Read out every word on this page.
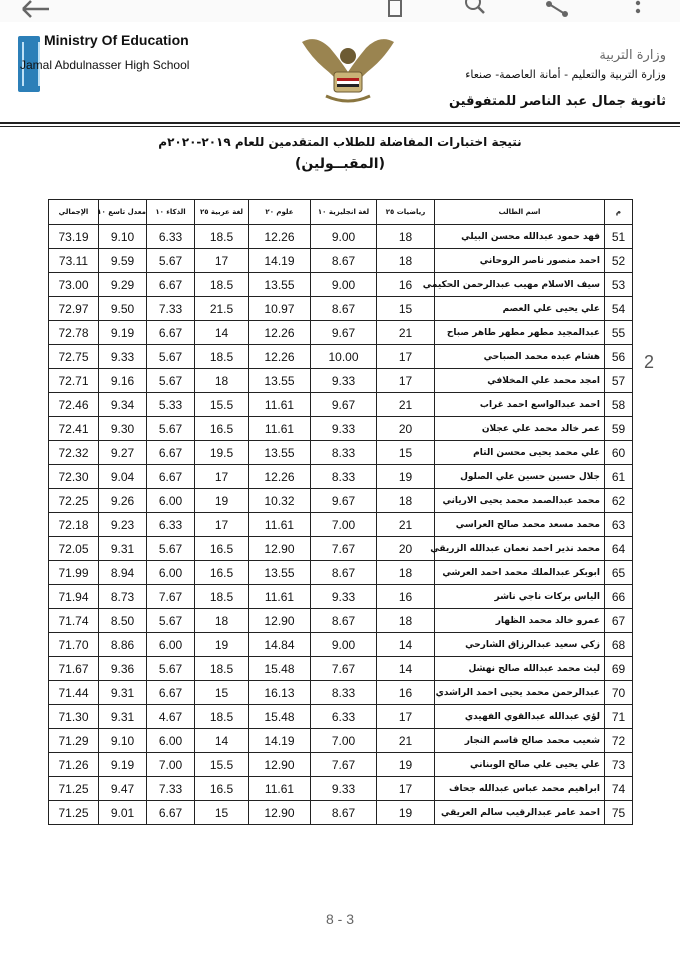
Ministry Of Education
Jamal Abdulnasser High School
وزارة التربية
وزارة التربية والتعليم - أمانة العاصمة- صنعاء
ثانوية جمال عبد الناصر للمتفوقين
نتيجة اختبارات المفاضلة للطلاب المتقدمين للعام ٢٠١٩-٢٠٢٠م
(المقبــولين)
الإجمالي	معدل تاسع ١٠	الذكاء ١٠	لغة عربية ٢٥	علوم ٢٠	لغة انجليزية ١٠	رياضيات ٢٥	اسم الطالب	م
73.19	9.10	6.33	18.5	12.26	9.00	18	فهد حمود عبدالله محسن البيلي	51
73.11	9.59	5.67	17	14.19	8.67	18	احمد منصور ناصر الروحاني	52
73.00	9.29	6.67	18.5	13.55	9.00	16	سيف الاسلام مهيب عبدالرحمن الحكيمي	53
72.97	9.50	7.33	21.5	10.97	8.67	15	علي يحيى علي العصم	54
72.78	9.19	6.67	14	12.26	9.67	21	عبدالمجيد مطهر مطهر طاهر صباح	55
72.75	9.33	5.67	18.5	12.26	10.00	17	هشام عبده محمد الصباحي	56
72.71	9.16	5.67	18	13.55	9.33	17	امجد محمد علي المخلافي	57
72.46	9.34	5.33	15.5	11.61	9.67	21	احمد عبدالواسع احمد غراب	58
72.41	9.30	5.67	16.5	11.61	9.33	20	عمر خالد محمد علي عجلان	59
72.32	9.27	6.67	19.5	13.55	8.33	15	علي محمد يحيى محسن التام	60
72.30	9.04	6.67	17	12.26	8.33	19	جلال حسين حسين علي الصلول	61
72.25	9.26	6.00	19	10.32	9.67	18	محمد عبدالصمد محمد يحيى الارياني	62
72.18	9.23	6.33	17	11.61	7.00	21	محمد مسعد محمد صالح العراسي	63
72.05	9.31	5.67	16.5	12.90	7.67	20	محمد نذير احمد نعمان عبدالله الزريقي	64
71.99	8.94	6.00	16.5	13.55	8.67	18	ابوبكر عبدالملك محمد احمد العرشي	65
71.94	8.73	7.67	18.5	11.61	9.33	16	الياس بركات ناجي ناشر	66
71.74	8.50	5.67	18	12.90	8.67	18	عمرو خالد محمد الظهار	67
71.70	8.86	6.00	19	14.84	9.00	14	زكي سعيد عبدالرزاق الشارحي	68
71.67	9.36	5.67	18.5	15.48	7.67	14	ليث محمد عبدالله صالح نهشل	69
71.44	9.31	6.67	15	16.13	8.33	16	عبدالرحمن محمد يحيى احمد الراشدي	70
71.30	9.31	4.67	18.5	15.48	6.33	17	لؤي عبدالله عبدالقوي الفهيدي	71
71.29	9.10	6.00	14	14.19	7.00	21	شعيب محمد صالح قاسم النجار	72
71.26	9.19	7.00	15.5	12.90	7.67	19	علي يحيى علي صالح الوبناني	73
71.25	9.47	7.33	16.5	11.61	9.33	17	ابراهيم محمد عباس عبدالله جحاف	74
71.25	9.01	6.67	15	12.90	8.67	19	احمد عامر عبدالرقيب سالم العريقي	75
2
8 - 3
